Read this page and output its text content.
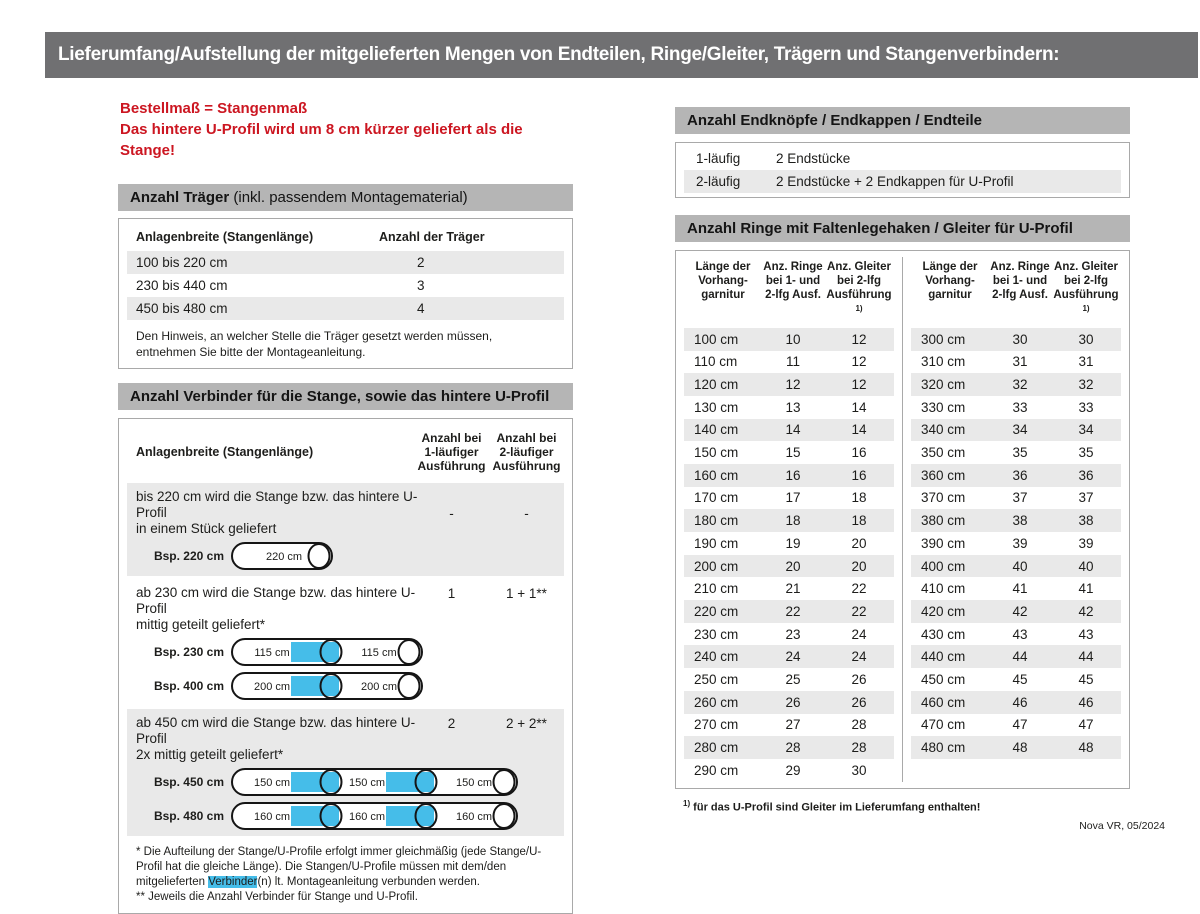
Lieferumfang/Aufstellung der mitgelieferten Mengen von Endteilen, Ringe/Gleiter, Trägern und Stangenverbindern:
Bestellmaß = Stangenmaß
Das hintere U-Profil wird um 8 cm kürzer geliefert als die Stange!
Anzahl Träger (inkl. passendem Montagematerial)
Anlagenbreite (Stangenlänge)	Anzahl der Träger
100 bis 220 cm	2
230 bis 440 cm	3
450 bis 480 cm	4

Den Hinweis, an welcher Stelle die Träger gesetzt werden müssen, entnehmen Sie bitte der Montageanleitung.

Anzahl Verbinder für die Stange, sowie das hintere U-Profil
Anlagenbreite (Stangenlänge)
Anzahl bei
1-läufiger
Ausführung
Anzahl bei
2-läufiger
Ausführung
bis 220 cm wird die Stange bzw. das hintere U-Profil
in einem Stück geliefert
-	-
Bsp. 220 cm	220 cm
ab 230 cm wird die Stange bzw. das hintere U-Profil
mittig geteilt geliefert*
1	1 + 1**
Bsp. 230 cm	115 cm	115 cm
Bsp. 400 cm	200 cm	200 cm
ab 450 cm wird die Stange bzw. das hintere U-Profil
2x mittig geteilt geliefert*
2	2 + 2**
Bsp. 450 cm	150 cm	150 cm	150 cm
Bsp. 480 cm	160 cm	160 cm	160 cm

* Die Aufteilung der Stange/U-Profile erfolgt immer gleichmäßig (jede Stange/U-Profil hat die gleiche Länge). Die Stangen/U-Profile müssen mit dem/den mitgelieferten Verbinder(n) lt. Montageanleitung verbunden werden.

** Jeweils die Anzahl Verbinder für Stange und U-Profil.

Anzahl Endknöpfe / Endkappen / Endteile
1-läufig	2 Endstücke
2-läufig	2 Endstücke + 2 Endkappen für U-Profil
Anzahl Ringe mit Faltenlegehaken / Gleiter für U-Profil
Länge der
Vorhang-
garnitur
Anz. Ringe
bei 1- und
2-lfg Ausf.
Anz. Gleiter
bei 2-lfg
Ausführung $^{1)}$
100 cm	10	12
110 cm	11	12
120 cm	12	12
130 cm	13	14
140 cm	14	14
150 cm	15	16
160 cm	16	16
170 cm	17	18
180 cm	18	18
190 cm	19	20
200 cm	20	20
210 cm	21	22
220 cm	22	22
230 cm	23	24
240 cm	24	24
250 cm	25	26
260 cm	26	26
270 cm	27	28
280 cm	28	28
290 cm	29	30
Länge der
Vorhang-
garnitur
Anz. Ringe
bei 1- und
2-lfg Ausf.
Anz. Gleiter
bei 2-lfg
Ausführung $^{1)}$
300 cm	30	30
310 cm	31	31
320 cm	32	32
330 cm	33	33
340 cm	34	34
350 cm	35	35
360 cm	36	36
370 cm	37	37
380 cm	38	38
390 cm	39	39
400 cm	40	40
410 cm	41	41
420 cm	42	42
430 cm	43	43
440 cm	44	44
450 cm	45	45
460 cm	46	46
470 cm	47	47
480 cm	48	48

$^{1)}$ für das U-Profil sind Gleiter im Lieferumfang enthalten!

Nova VR, 05/2024
